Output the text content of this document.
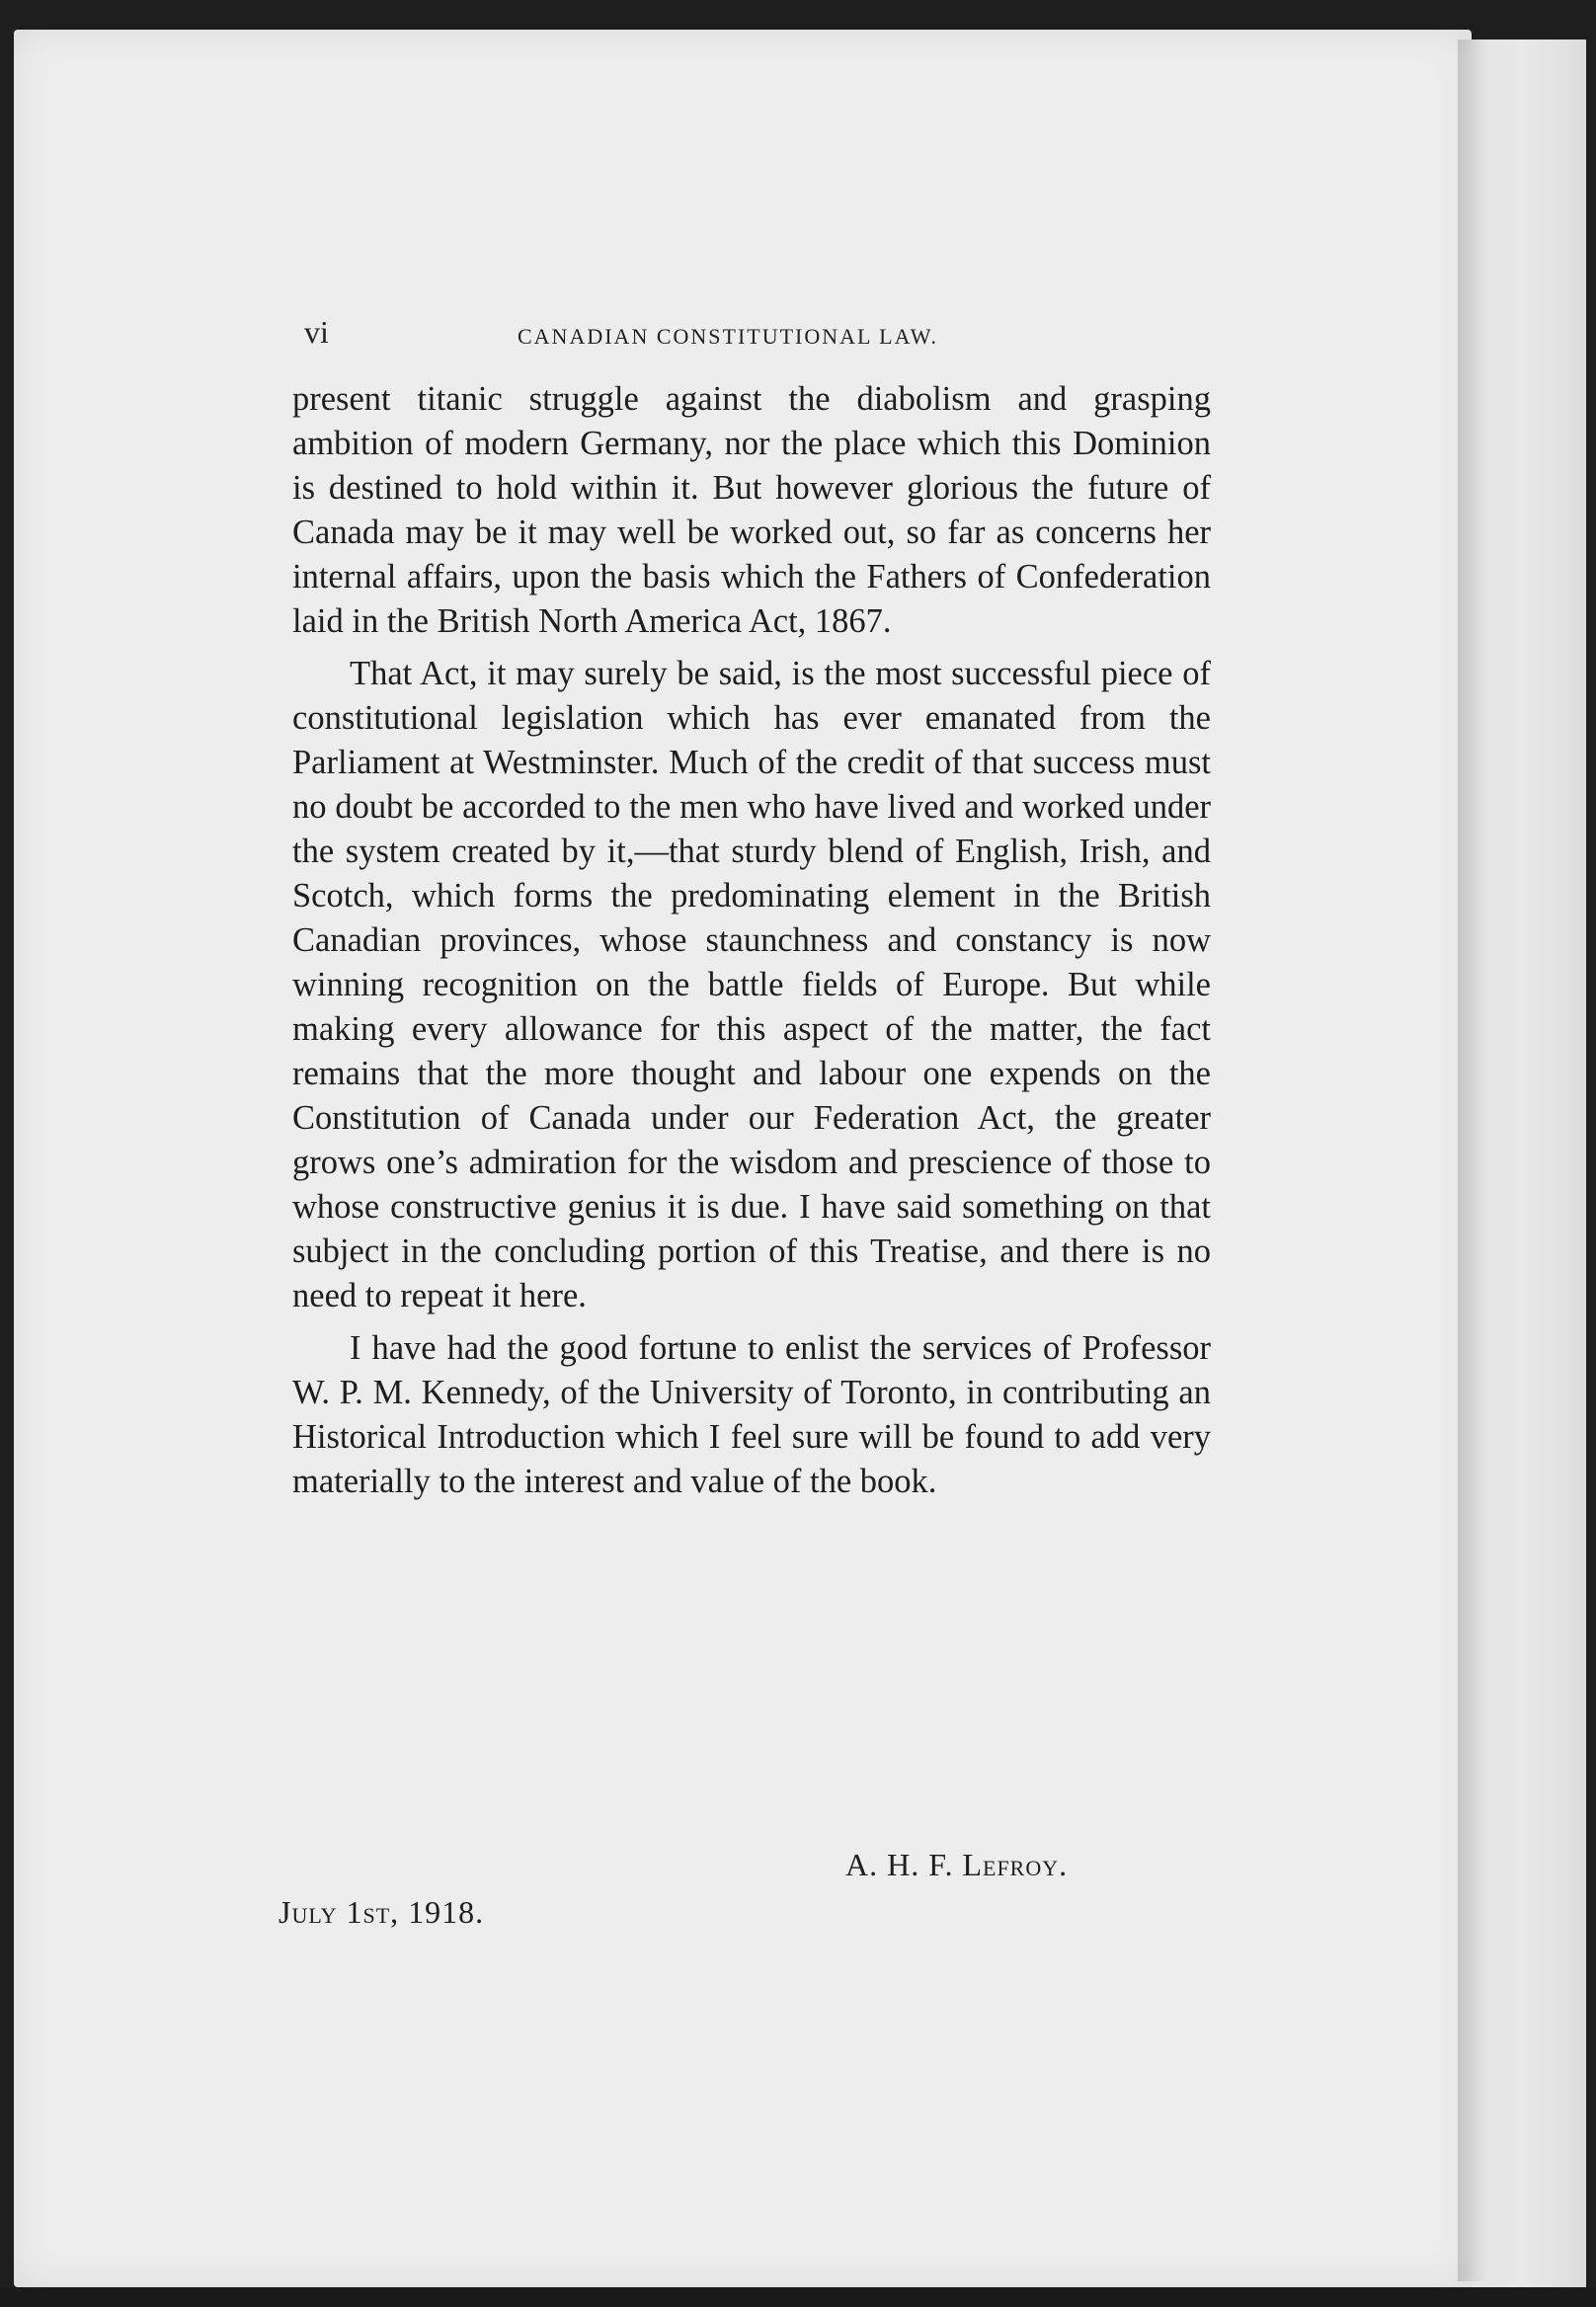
vi	CANADIAN CONSTITUTIONAL LAW.

present titanic struggle against the diabolism and grasping ambition of modern Germany, nor the place which this Dominion is destined to hold within it. But however glorious the future of Canada may be it may well be worked out, so far as concerns her internal affairs, upon the basis which the Fathers of Confederation laid in the British North America Act, 1867.

That Act, it may surely be said, is the most successful piece of constitutional legislation which has ever emanated from the Parliament at Westminster. Much of the credit of that success must no doubt be accorded to the men who have lived and worked under the system created by it,—that sturdy blend of English, Irish, and Scotch, which forms the predominating element in the British Canadian provinces, whose staunchness and constancy is now winning recognition on the battle fields of Europe. But while making every allowance for this aspect of the matter, the fact remains that the more thought and labour one expends on the Constitution of Canada under our Federation Act, the greater grows one’s admiration for the wisdom and prescience of those to whose constructive genius it is due. I have said something on that subject in the concluding portion of this Treatise, and there is no need to repeat it here.

I have had the good fortune to enlist the services of Professor W. P. M. Kennedy, of the University of Toronto, in contributing an Historical Introduction which I feel sure will be found to add very materially to the interest and value of the book.

A. H. F. Lefroy.
July 1st, 1918.
